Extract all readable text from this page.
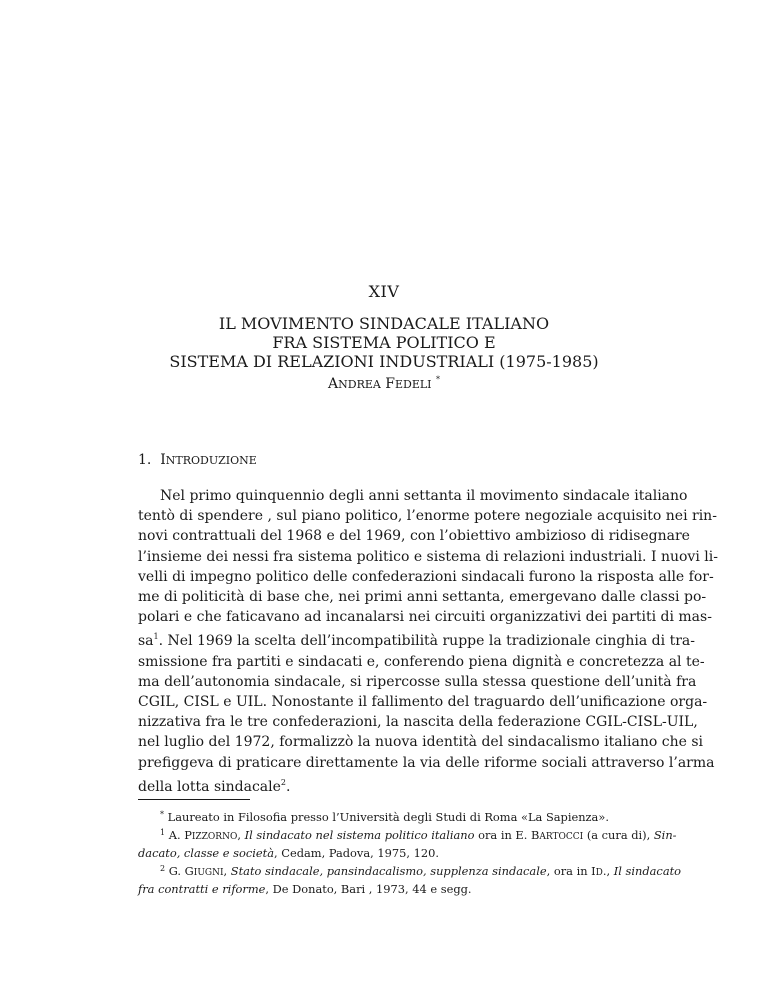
XIV
IL MOVIMENTO SINDACALE ITALIANO
FRA SISTEMA POLITICO E
SISTEMA DI RELAZIONI INDUSTRIALI (1975-1985)
ANDREA FEDELI *
1. INTRODUZIONE
Nel primo quinquennio degli anni settanta il movimento sindacale italiano
tentò di spendere , sul piano politico, l’enorme potere negoziale acquisito nei rin-
novi contrattuali del 1968 e del 1969, con l’obiettivo ambizioso di ridisegnare
l’insieme dei nessi fra sistema politico e sistema di relazioni industriali. I nuovi li-
velli di impegno politico delle confederazioni sindacali furono la risposta alle for-
me di politicità di base che, nei primi anni settanta, emergevano dalle classi po-
polari e che faticavano ad incanalarsi nei circuiti organizzativi dei partiti di mas-
$sa^1$. Nel 1969 la scelta dell’incompatibilità ruppe la tradizionale cinghia di tra-
smissione fra partiti e sindacati e, conferendo piena dignità e concretezza al te-
ma dell’autonomia sindacale, si ripercosse sulla stessa questione dell’unità fra
CGIL, CISL e UIL. Nonostante il fallimento del traguardo dell’unificazione orga-
nizzativa fra le tre confederazioni, la nascita della federazione CGIL-CISL-UIL,
nel luglio del 1972, formalizzò la nuova identità del sindacalismo italiano che si
prefiggeva di praticare direttamente la via delle riforme sociali attraverso l’arma
della lotta sindacale$^2$.
* Laureato in Filosofia presso l’Università degli Studi di Roma «La Sapienza».
$^1$ A. PIZZORNO, Il sindacato nel sistema politico italiano ora in E. BARTOCCI (a cura di), Sin-
dacato, classe e società, Cedam, Padova, 1975, 120.
$^2$ G. GIUGNI, Stato sindacale, pansindacalismo, supplenza sindacale, ora in ID., Il sindacato
fra contratti e riforme, De Donato, Bari , 1973, 44 e segg.
